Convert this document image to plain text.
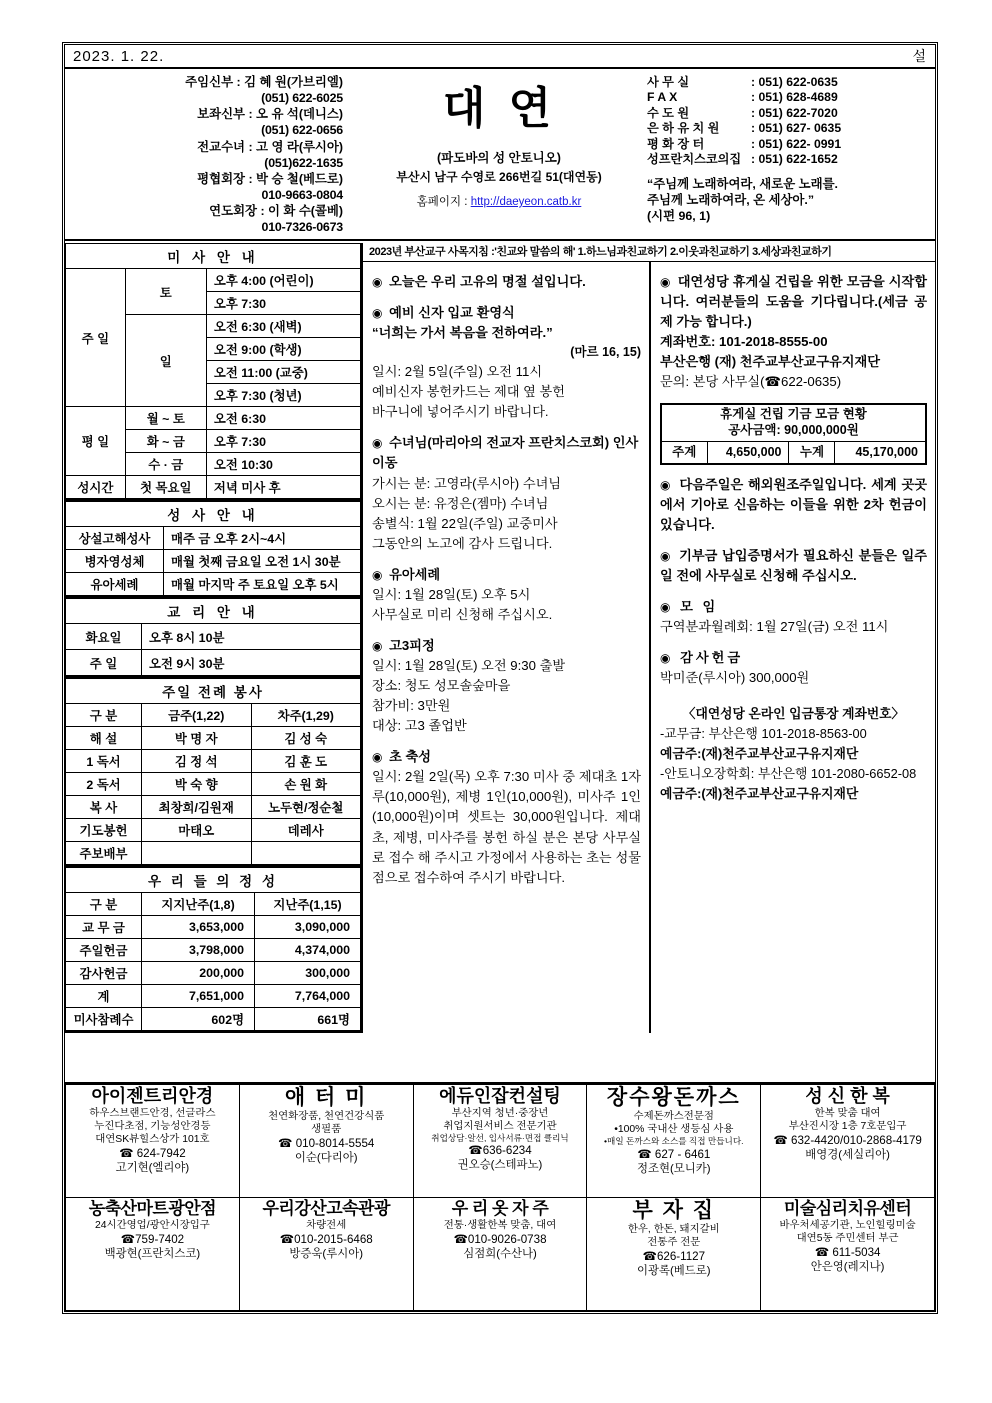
2023. 1. 22.	설
주임신부 : 김 혜 원(가브리엘)
(051) 622-6025
보좌신부 : 오 유 석(데니스)
(051) 622-0656
전교수녀 : 고 영 라(루시아)
(051)622-1635
평협회장 : 박 승 철(베드로)
010-9663-0804
연도회장 : 이 화 수(콜베)
010-7326-0673
대 연
(파도바의 성 안토니오)
부산시 남구 수영로 266번길 51(대연동)
홈페이지 : http://daeyeon.catb.kr
사 무 실	: 051) 622-0635
F A X	: 051) 628-4689
수 도 원	: 051) 622-7020
은 하 유 치 원	: 051) 627- 0635
평 화 장 터	: 051) 622- 0991
성프란치스코의집 : 051) 622-1652
“주님께 노래하여라, 새로운 노래를.
주님께 노래하여라, 온 세상아.”
(시편 96, 1)
2023년 부산교구 사목지침 :'친교와 말씀의 해' 1.하느님과친교하기 2.이웃과친교하기 3.세상과친교하기
미 사 안 내		
주 일	토	오후 4:00 (어린이)
		오후 7:30
	일	오전 6:30 (새벽)
		오전 9:00 (학생)
		오전 11:00 (교중)
		오후 7:30 (청년)
평 일	월 ~ 토	오전 6:30
	화 ~ 금	오후 7:30
	수 · 금	오전 10:30
성시간	첫 목요일	저녁 미사 후
성 사 안 내	
상설고해성사	매주 금 오후 2시~4시
병자영성체	매월 첫째 금요일 오전 1시 30분
유아세례	매월 마지막 주 토요일 오후 5시
교 리 안 내	
화요일	오후 8시 10분
주 일	오전 9시 30분
주일 전례 봉사		
구 분	금주(1,22)	차주(1,29)
해 설	박 명 자	김 성 숙
1 독서	김 정 석	김 훈 도
2 독서	박 숙 향	손 원 화
복 사	최창희/김원재	노두현/정순철
기도봉헌	마태오	데레사
주보배부		
우 리 들 의 정 성		
구 분	지지난주(1,8)	지난주(1,15)
교 무 금	3,653,000	3,090,000
주일헌금	3,798,000	4,374,000
감사헌금	200,000	300,000
계	7,651,000	7,764,000
미사참례수	602명	661명
◉ 오늘은 우리 고유의 명절 설입니다.
◉ 예비 신자 입교 환영식
“너희는 가서 복음을 전하여라.”
(마르 16, 15)
일시: 2월 5일(주일) 오전 11시
예비신자 봉헌카드는 제대 옆 봉헌
바구니에 넣어주시기 바랍니다.
◉ 수녀님(마리아의 전교자 프란치스코회) 인사 이동
가시는 분: 고영라(루시아) 수녀님
오시는 분: 유정은(젬마) 수녀님
송별식: 1월 22일(주일) 교중미사
그동안의 노고에 감사 드립니다.
◉ 유아세례
일시: 1월 28일(토) 오후 5시
사무실로 미리 신청해 주십시오.
◉ 고3피정
일시: 1월 28일(토) 오전 9:30 출발
장소: 청도 성모솔숲마을
참가비: 3만원
대상: 고3 졸업반
◉ 초 축성
일시: 2월 2일(목) 오후 7:30 미사 중 제대초 1자루(10,000원), 제병 1인(10,000원), 미사주 1인(10,000원)이며 셋트는 30,000원입니다. 제대초, 제병, 미사주를 봉헌 하실 분은 본당 사무실로 접수 해 주시고 가정에서 사용하는 초는 성물점으로 접수하여 주시기 바랍니다.
◉ 대연성당 휴게실 건립을 위한 모금을 시작합니다. 여러분들의 도움을 기다립니다.(세금 공제 가능 합니다.)
계좌번호: 101-2018-8555-00
부산은행 (재) 천주교부산교구유지재단
문의: 본당 사무실(☎622-0635)
휴게실 건립 기금 모금 현황
공사금액: 90,000,000원
주계	4,650,000	누계	45,170,000
◉ 다음주일은 해외원조주일입니다. 세계 곳곳에서 기아로 신음하는 이들을 위한 2차 헌금이 있습니다.
◉ 기부금 납입증명서가 필요하신 분들은 일주일 전에 사무실로 신청해 주십시오.
◉ 모 임
구역분과월례회: 1월 27일(금) 오전 11시
◉ 감사헌금
박미준(루시아) 300,000원
〈대연성당 온라인 입금통장 계좌번호〉
-교무금: 부산은행 101-2018-8563-00
예금주:(재)천주교부산교구유지재단
-안토니오장학회: 부산은행 101-2080-6652-08
예금주:(재)천주교부산교구유지재단
아이젠트리안경
하우스브랜드안경, 선글라스
누진다초점, 기능성안경등
대연SK뷰힐스상가 101호
☎ 624-7942
고기현(엘리야)

애 터 미
천연화장품, 천연건강식품
생필품
☎ 010-8014-5554
이순(다리아)

에듀인잡컨설팅
부산지역 청년·중장년
취업지원서비스 전문기관
취업상담·알선, 입사서류·면접 클리닉
☎636-6234
권오승(스테파노)

장수왕돈까스
수제돈까스전문점
•100% 국내산 생등심 사용
•매일 돈까스와 소스를 직접 만듭니다.
☎ 627 - 6461
정조현(모니카)

성 신 한 복
한복 맞춤 대여
부산진시장 1층 7호문입구
☎ 632-4420/010-2868-4179
배영경(세실리아)

농축산마트광안점
24시간영업/광안시장입구
☎759-7402
백광현(프란치스코)

우리강산고속관광
차량전세
☎010-2015-6468
방증욱(루시아)

우 리 옷 자 주
전통·생활한복 맞춤, 대여
☎010-9026-0738
심점희(수산나)

부 자 집
한우, 한돈, 돼지갈비
전통주 전문
☎626-1127
이광록(베드로)

미술심리치유센터
바우처세공기관, 노인힐링미술
대연5동 주민센터 부근
☎ 611-5034
안은영(레지나)
